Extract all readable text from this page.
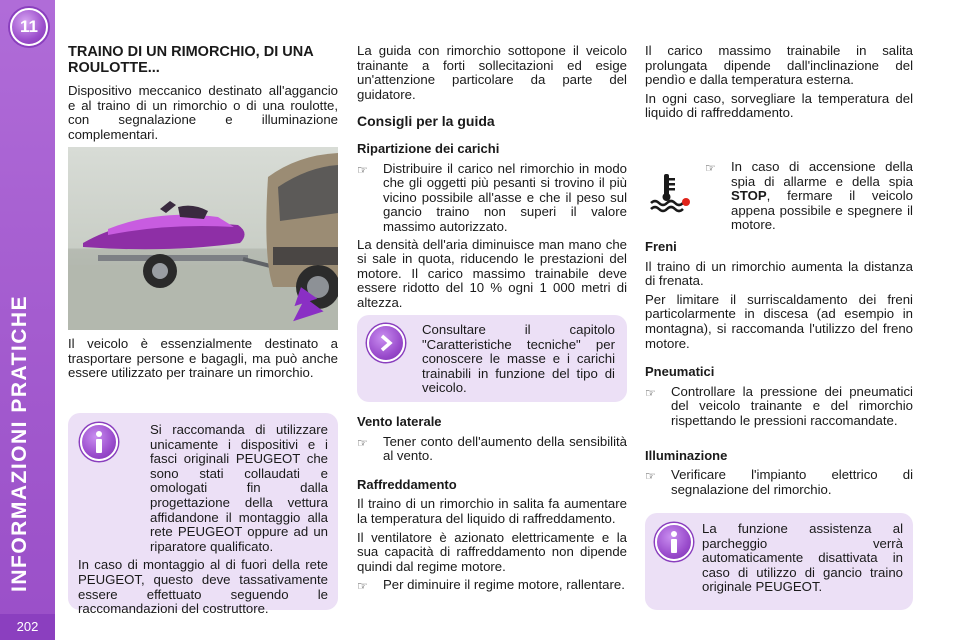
11
INFORMAZIONI PRATICHE
202
TRAINO DI UN RIMORCHIO, DI UNA ROULOTTE...

Dispositivo meccanico destinato all'aggancio e al traino di un rimorchio o di una roulotte, con segnalazione e illuminazione complementari.

Il veicolo è essenzialmente destinato a trasportare persone e bagagli, ma può anche essere utilizzato per trainare un rimorchio.

Si raccomanda di utilizzare unicamente i dispositivi e i fasci originali PEUGEOT che sono stati collaudati e omologati fin dalla progettazione della vettura affidandone il montaggio alla rete PEUGEOT oppure ad un riparatore qualificato.

In caso di montaggio al di fuori della rete PEUGEOT, questo deve tassativamente essere effettuato seguendo le raccomandazioni del costruttore.

La guida con rimorchio sottopone il veicolo trainante a forti sollecitazioni ed esige un'attenzione particolare da parte del guidatore.

Consigli per la guida
Ripartizione dei carichi
☞	Distribuire il carico nel rimorchio in modo che gli oggetti più pesanti si trovino il più vicino possibile all'asse e che il peso sul gancio traino non superi il valore massimo autorizzato.

La densità dell'aria diminuisce man mano che si sale in quota, riducendo le prestazioni del motore. Il carico massimo trainabile deve essere ridotto del 10 % ogni 1 000 metri di altezza.

Consultare il capitolo "Caratteristiche tecniche" per conoscere le masse e i carichi trainabili in funzione del tipo di veicolo.

Vento laterale
☞	Tener conto dell'aumento della sensibilità al vento.

Raffreddamento

Il traino di un rimorchio in salita fa aumentare la temperatura del liquido di raffreddamento.

Il ventilatore è azionato elettricamente e la sua capacità di raffreddamento non dipende quindi dal regime motore.

☞	Per diminuire il regime motore, rallentare.

Il carico massimo trainabile in salita prolungata dipende dall'inclinazione del pendìo e dalla temperatura esterna.

In ogni caso, sorvegliare la temperatura del liquido di raffreddamento.

☞	In caso di accensione della spia di allarme e della spia STOP, fermare il veicolo appena possibile e spegnere il motore.

Freni

Il traino di un rimorchio aumenta la distanza di frenata.

Per limitare il surriscaldamento dei freni particolarmente in discesa (ad esempio in montagna), si raccomanda l'utilizzo del freno motore.

Pneumatici
☞	Controllare la pressione dei pneumatici del veicolo trainante e del rimorchio rispettando le pressioni raccomandate.

Illuminazione
☞	Verificare l'impianto elettrico di segnalazione del rimorchio.

La funzione assistenza al parcheggio verrà automaticamente disattivata in caso di utilizzo di gancio traino originale PEUGEOT.
